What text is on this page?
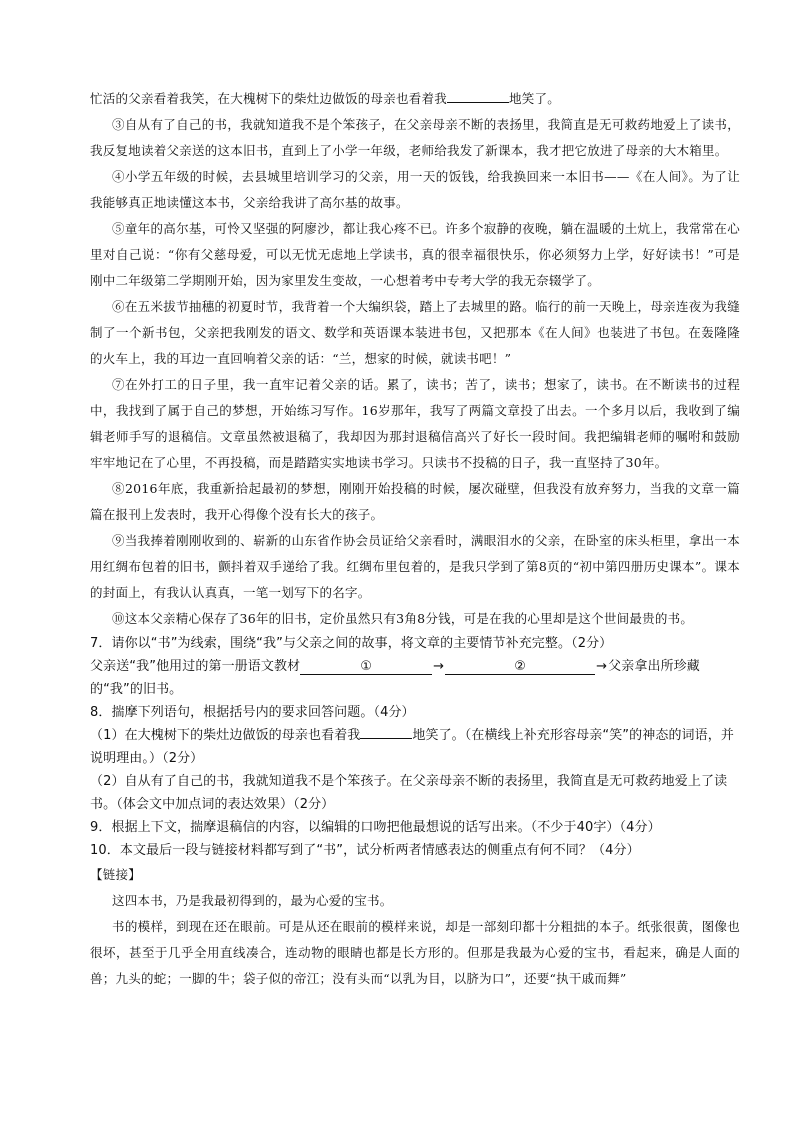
忙活的父亲看着我笑，在大槐树下的柴灶边做饭的母亲也看着我	地笑了。

③自从有了自己的书，我就知道我不是个笨孩子，在父亲母亲不断的表扬里，我简直是无可救药地爱上了读书，我反复地读着父亲送的这本旧书，直到上了小学一年级，老师给我发了新课本，我才把它放进了母亲的大木箱里。

④小学五年级的时候，去县城里培训学习的父亲，用一天的饭钱，给我换回来一本旧书——《在人间》。为了让我能够真正地读懂这本书，父亲给我讲了高尔基的故事。

⑤童年的高尔基，可怜又坚强的阿廖沙，都让我心疼不已。许多个寂静的夜晚，躺在温暖的土炕上，我常常在心里对自己说：“你有父慈母爱，可以无忧无虑地上学读书，真的很幸福很快乐，你必须努力上学，好好读书！”可是刚中二年级第二学期刚开始，因为家里发生变故，一心想着考中专考大学的我无奈辍学了。

⑥在五米拔节抽穗的初夏时节，我背着一个大编织袋，踏上了去城里的路。临行的前一天晚上，母亲连夜为我缝制了一个新书包，父亲把我刚发的语文、数学和英语课本装进书包，又把那本《在人间》也装进了书包。在轰隆隆的火车上，我的耳边一直回响着父亲的话：“兰，想家的时候，就读书吧！”

⑦在外打工的日子里，我一直牢记着父亲的话。累了，读书；苦了，读书；想家了，读书。在不断读书的过程中，我找到了属于自己的梦想，开始练习写作。16岁那年，我写了两篇文章投了出去。一个多月以后，我收到了编辑老师手写的退稿信。文章虽然被退稿了，我却因为那封退稿信高兴了好长一段时间。我把编辑老师的嘱咐和鼓励牢牢地记在了心里，不再投稿，而是踏踏实实地读书学习。只读书不投稿的日子，我一直坚持了30年。

⑧2016年底，我重新拾起最初的梦想，刚刚开始投稿的时候，屡次碰壁，但我没有放弃努力，当我的文章一篇篇在报刊上发表时，我开心得像个没有长大的孩子。

⑨当我捧着刚刚收到的、崭新的山东省作协会员证给父亲看时，满眼泪水的父亲，在卧室的床头柜里，拿出一本用红绸布包着的旧书，颤抖着双手递给了我。红绸布里包着的，是我只学到了第8页的“初中第四册历史课本”。课本的封面上，有我认认真真，一笔一划写下的名字。

⑩这本父亲精心保存了36年的旧书，定价虽然只有3角8分钱，可是在我的心里却是这个世间最贵的书。

7．请你以“书”为线索，围绕“我”与父亲之间的故事，将文章的主要情节补充完整。（2分）

父亲送“我”他用过的第一册语文教材	①	→	②	→父亲拿出所珍藏的“我”的旧书。

8．揣摩下列语句，根据括号内的要求回答问题。（4分）

（1）在大槐树下的柴灶边做饭的母亲也看着我	地笑了。（在横线上补充形容母亲“笑”的神态的词语，并说明理由。）（2分）

（2）自从有了自己的书，我就知道我不是个笨孩子。在父亲母亲不断的表扬里，我简直是无可救药地爱上了读书。（体会文中加点词的表达效果）（2分）

9．根据上下文，揣摩退稿信的内容，以编辑的口吻把他最想说的话写出来。（不少于40字）（4分）

10．本文最后一段与链接材料都写到了“书”，试分析两者情感表达的侧重点有何不同？（4分）

【链接】

这四本书，乃是我最初得到的，最为心爱的宝书。

书的模样，到现在还在眼前。可是从还在眼前的模样来说，却是一部刻印都十分粗拙的本子。纸张很黄，图像也很坏，甚至于几乎全用直线凑合，连动物的眼睛也都是长方形的。但那是我最为心爱的宝书，看起来，确是人面的兽；九头的蛇；一脚的牛；袋子似的帝江；没有头而“以乳为目，以脐为口”，还要“执干戚而舞”
